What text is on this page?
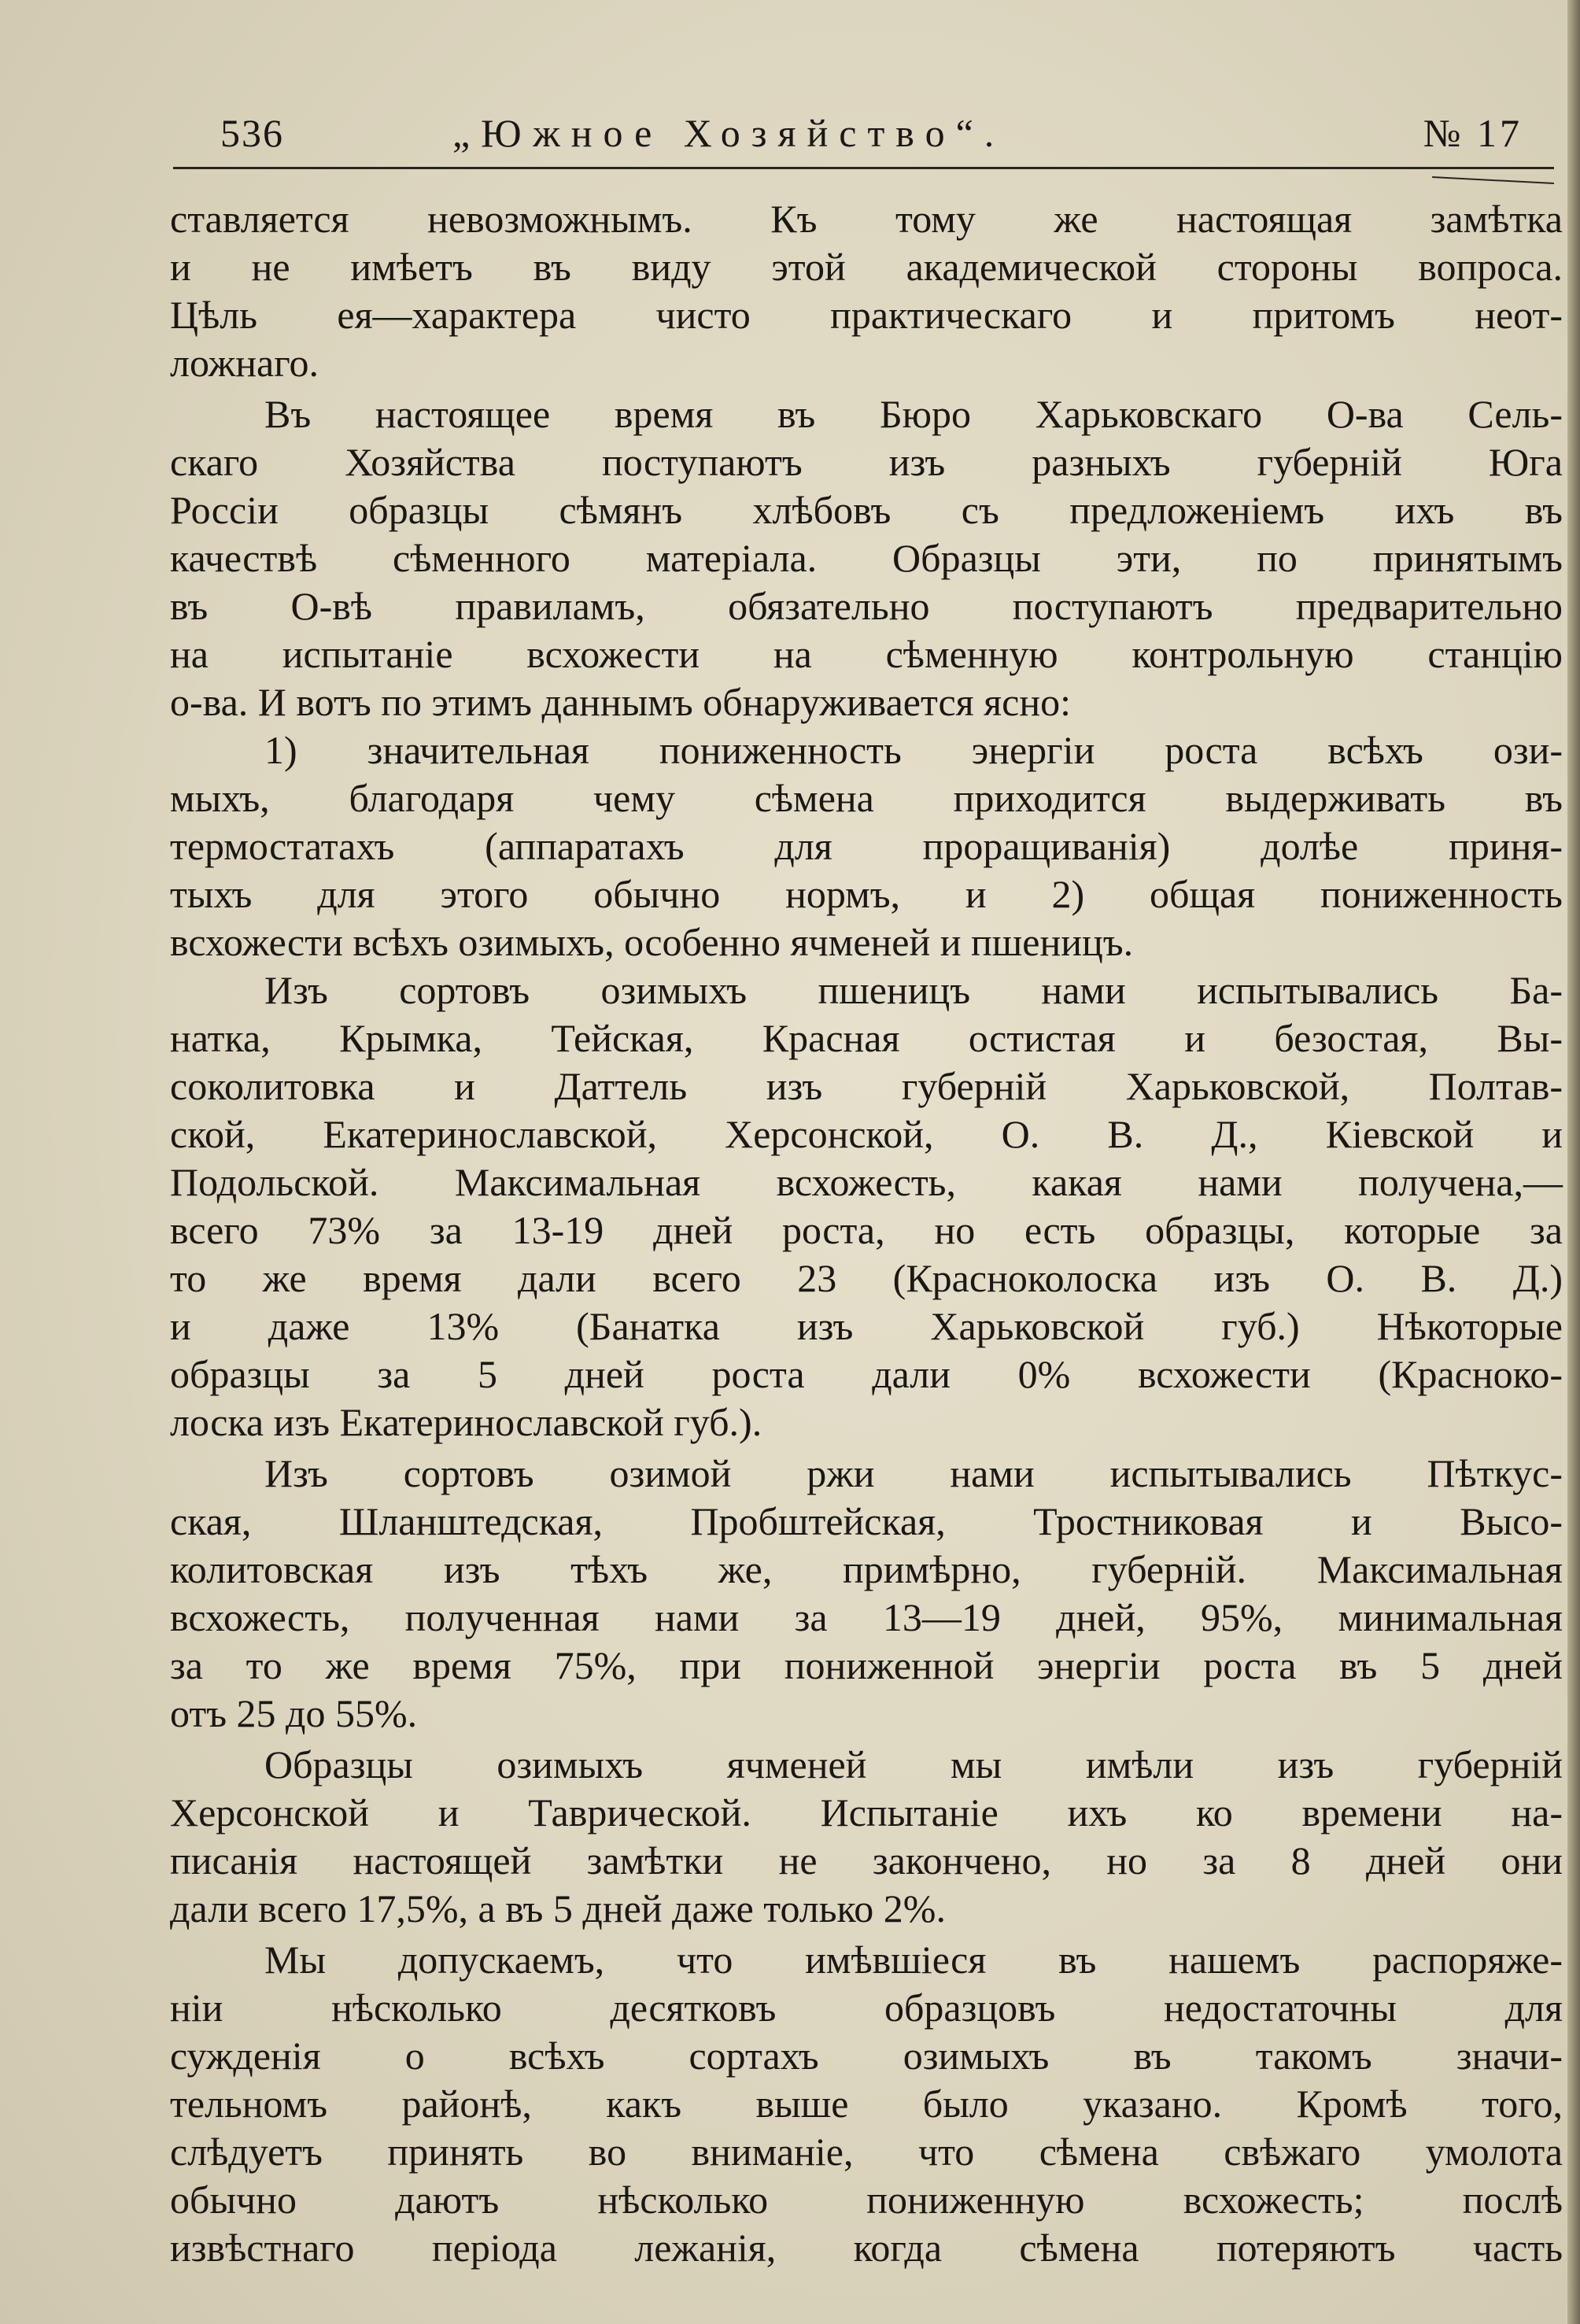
536	„Южное Хозяйство“.	№ 17
ставляется невозможнымъ. Къ тому же настоящая замѣтка
и не имѣетъ въ виду этой академической стороны вопроса.
Цѣль ея—характера чисто практическаго и притомъ неот-
ложнаго.
Въ настоящее время въ Бюро Харьковскаго О-ва Сель-
скаго Хозяйства поступаютъ изъ разныхъ губерній Юга
Россіи образцы сѣмянъ хлѣбовъ съ предложеніемъ ихъ въ
качествѣ сѣменного матеріала. Образцы эти, по принятымъ
въ О-вѣ правиламъ, обязательно поступаютъ предварительно
на испытаніе всхожести на сѣменную контрольную станцію
о-ва. И вотъ по этимъ даннымъ обнаруживается ясно:
1) значительная пониженность энергіи роста всѣхъ ози-
мыхъ, благодаря чему сѣмена приходится выдерживать въ
термостатахъ (аппаратахъ для проращиванія) долѣе приня-
тыхъ для этого обычно нормъ, и 2) общая пониженность
всхожести всѣхъ озимыхъ, особенно ячменей и пшеницъ.
Изъ сортовъ озимыхъ пшеницъ нами испытывались Ба-
натка, Крымка, Тейская, Красная остистая и безостая, Вы-
соколитовка и Даттель изъ губерній Харьковской, Полтав-
ской, Екатеринославской, Херсонской, О. В. Д., Кіевской и
Подольской. Максимальная всхожесть, какая нами получена,—
всего 73% за 13-19 дней роста, но есть образцы, которые за
то же время дали всего 23 (Красноколоска изъ О. В. Д.)
и даже 13% (Банатка изъ Харьковской губ.) Нѣкоторые
образцы за 5 дней роста дали 0% всхожести (Красноко-
лоска изъ Екатеринославской губ.).
Изъ сортовъ озимой ржи нами испытывались Пѣткус-
ская, Шланштедская, Пробштейская, Тростниковая и Высо-
колитовская изъ тѣхъ же, примѣрно, губерній. Максимальная
всхожесть, полученная нами за 13—19 дней, 95%, минимальная
за то же время 75%, при пониженной энергіи роста въ 5 дней
отъ 25 до 55%.
Образцы озимыхъ ячменей мы имѣли изъ губерній
Херсонской и Таврической. Испытаніе ихъ ко времени на-
писанія настоящей замѣтки не закончено, но за 8 дней они
дали всего 17,5%, а въ 5 дней даже только 2%.
Мы допускаемъ, что имѣвшіеся въ нашемъ распоряже-
ніи нѣсколько десятковъ образцовъ недостаточны для
сужденія о всѣхъ сортахъ озимыхъ въ такомъ значи-
тельномъ районѣ, какъ выше было указано. Кромѣ того,
слѣдуетъ принять во вниманіе, что сѣмена свѣжаго умолота
обычно даютъ нѣсколько пониженную всхожесть; послѣ
извѣстнаго періода лежанія, когда сѣмена потеряютъ часть
